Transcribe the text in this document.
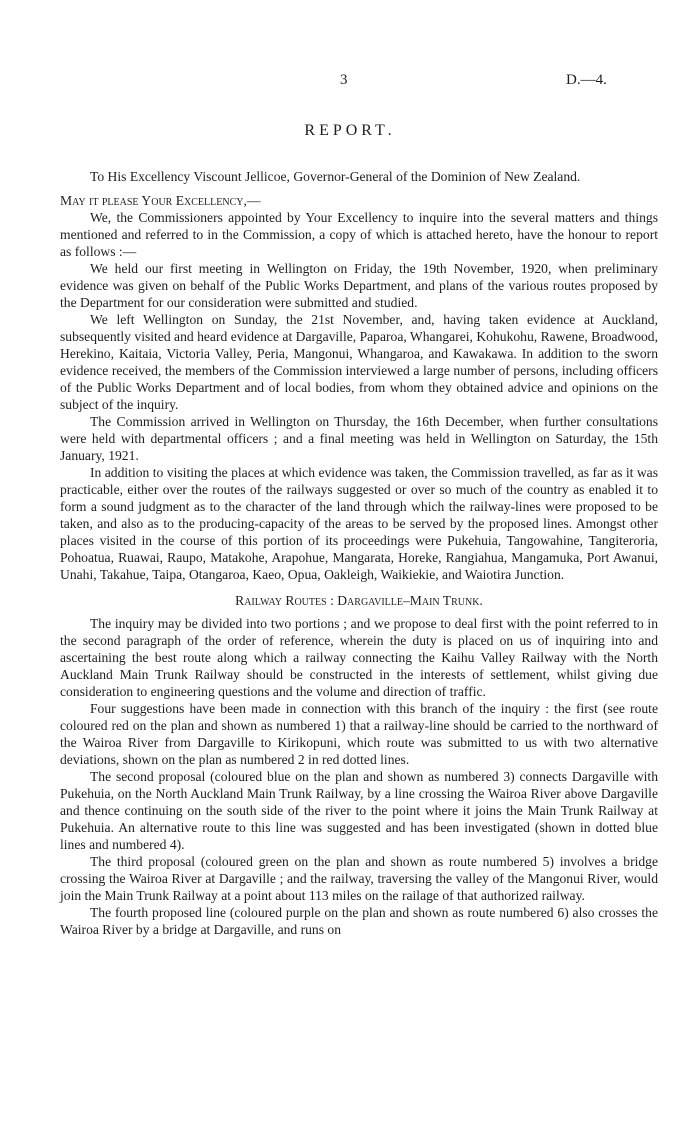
3	D.—4.
REPORT.

To His Excellency Viscount Jellicoe, Governor-General of the Dominion of New Zealand.

May it please Your Excellency,—

We, the Commissioners appointed by Your Excellency to inquire into the several matters and things mentioned and referred to in the Commission, a copy of which is attached hereto, have the honour to report as follows :—

We held our first meeting in Wellington on Friday, the 19th November, 1920, when preliminary evidence was given on behalf of the Public Works Department, and plans of the various routes proposed by the Department for our consideration were submitted and studied.

We left Wellington on Sunday, the 21st November, and, having taken evidence at Auckland, subsequently visited and heard evidence at Dargaville, Paparoa, Whangarei, Kohukohu, Rawene, Broadwood, Herekino, Kaitaia, Victoria Valley, Peria, Mangonui, Whangaroa, and Kawakawa. In addition to the sworn evidence received, the members of the Commission interviewed a large number of persons, including officers of the Public Works Department and of local bodies, from whom they obtained advice and opinions on the subject of the inquiry.

The Commission arrived in Wellington on Thursday, the 16th December, when further consultations were held with departmental officers ; and a final meeting was held in Wellington on Saturday, the 15th January, 1921.

In addition to visiting the places at which evidence was taken, the Commission travelled, as far as it was practicable, either over the routes of the railways suggested or over so much of the country as enabled it to form a sound judgment as to the character of the land through which the railway-lines were proposed to be taken, and also as to the producing-capacity of the areas to be served by the proposed lines. Amongst other places visited in the course of this portion of its proceedings were Pukehuia, Tangowahine, Tangiteroria, Pohoatua, Ruawai, Raupo, Matakohe, Arapohue, Mangarata, Horeke, Rangiahua, Mangamuka, Port Awanui, Unahi, Takahue, Taipa, Otangaroa, Kaeo, Opua, Oakleigh, Waikiekie, and Waiotira Junction.

Railway Routes : Dargaville–Main Trunk.

The inquiry may be divided into two portions ; and we propose to deal first with the point referred to in the second paragraph of the order of reference, wherein the duty is placed on us of inquiring into and ascertaining the best route along which a railway connecting the Kaihu Valley Railway with the North Auckland Main Trunk Railway should be constructed in the interests of settlement, whilst giving due consideration to engineering questions and the volume and direction of traffic.

Four suggestions have been made in connection with this branch of the inquiry : the first (see route coloured red on the plan and shown as numbered 1) that a railway-line should be carried to the northward of the Wairoa River from Dargaville to Kirikopuni, which route was submitted to us with two alternative deviations, shown on the plan as numbered 2 in red dotted lines.

The second proposal (coloured blue on the plan and shown as numbered 3) connects Dargaville with Pukehuia, on the North Auckland Main Trunk Railway, by a line crossing the Wairoa River above Dargaville and thence continuing on the south side of the river to the point where it joins the Main Trunk Railway at Pukehuia. An alternative route to this line was suggested and has been investigated (shown in dotted blue lines and numbered 4).

The third proposal (coloured green on the plan and shown as route numbered 5) involves a bridge crossing the Wairoa River at Dargaville ; and the railway, traversing the valley of the Mangonui River, would join the Main Trunk Railway at a point about 113 miles on the railage of that authorized railway.

The fourth proposed line (coloured purple on the plan and shown as route numbered 6) also crosses the Wairoa River by a bridge at Dargaville, and runs on
